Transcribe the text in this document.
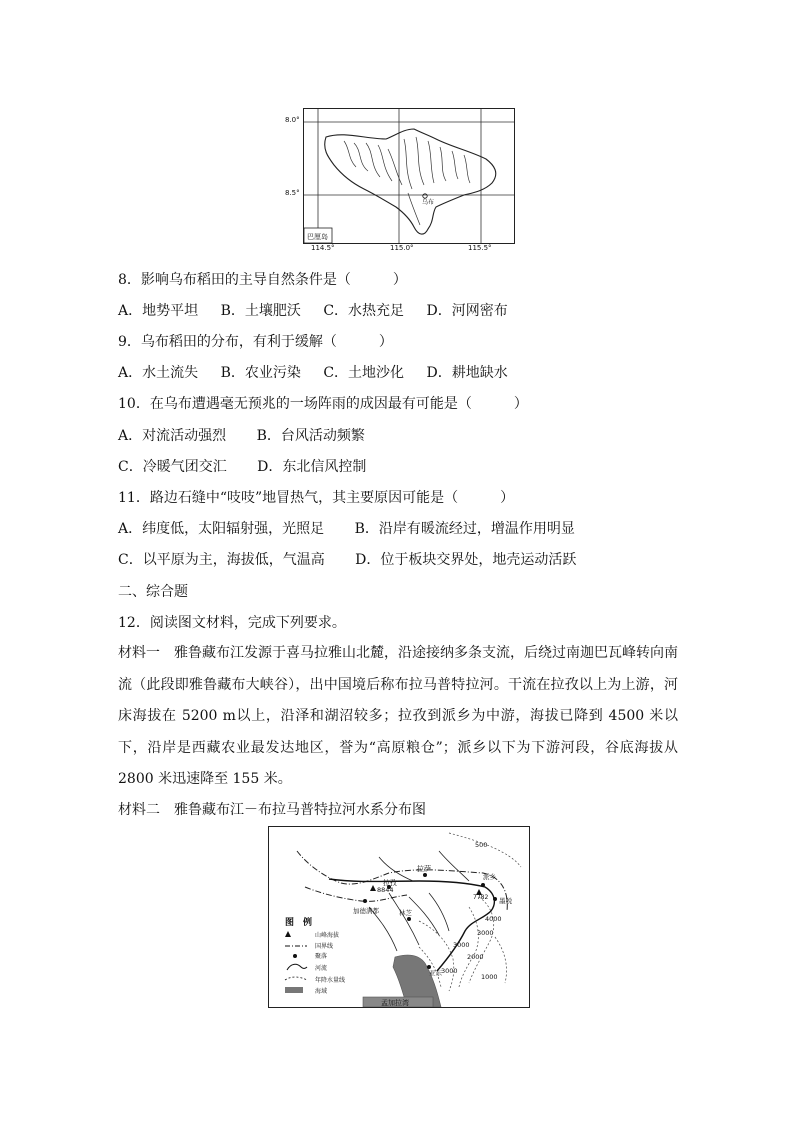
乌布
巴厘岛
8.0°
8.5°
114.5°	115.0°	115.5°
8．影响乌布稻田的主导自然条件是（　　　）
A．地势平坦 B．土壤肥沃 C．水热充足 D．河网密布
9．乌布稻田的分布，有利于缓解（　　　）
A．水土流失 B．农业污染 C．土地沙化 D．耕地缺水
10．在乌布遭遇毫无预兆的一场阵雨的成因最有可能是（　　　）
A．对流活动强烈 B．台风活动频繁
C．冷暖气团交汇 D．东北信风控制
11．路边石缝中“吱吱”地冒热气，其主要原因可能是（　　　）
A．纬度低，太阳辐射强，光照足 B．沿岸有暖流经过，增温作用明显
C．以平原为主，海拔低，气温高 D．位于板块交界处，地壳运动活跃
二、综合题
12．阅读图文材料，完成下列要求。
材料一　雅鲁藏布江发源于喜马拉雅山北麓，沿途接纳多条支流，后绕过南迦巴瓦峰转向南流（此段即雅鲁藏布大峡谷），出中国境后称布拉马普特拉河。干流在拉孜以上为上游，河床海拔在 5200 m以上，沿泽和湖沼较多；拉孜到派乡为中游，海拔已降到 4500 米以下，沿岸是西藏农业最发达地区，誉为“高原粮仓”；派乡以下为下游河段，谷底海拔从 2800 米迅速降至 155 米。
材料二　雅鲁藏布江－布拉马普特拉河水系分布图
孟加拉湾
拉孜
拉萨
加德满都
派乡
墨脱
林芝
亚东
8844
7782
500
4000
3000
3000
2000
3000
1000
图　例
山峰海拔
国界线
聚落
河流
年降水量线
海域
